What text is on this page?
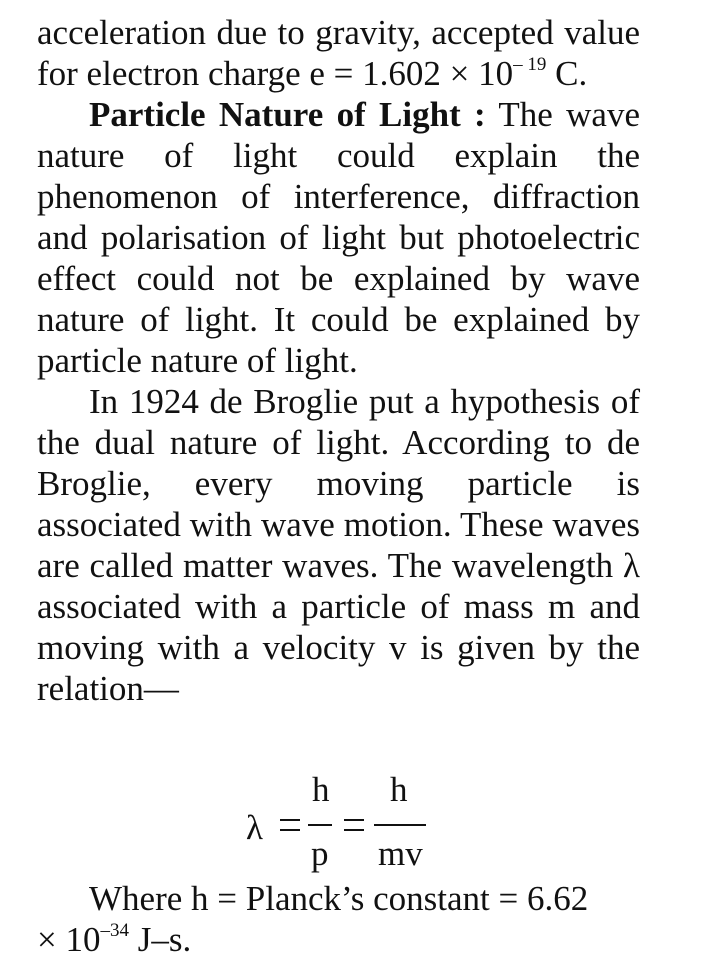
acceleration due to gravity, accepted value for electron charge $e = 1.602 \times 10^{- 19}$ C.

Particle Nature of Light : The wave nature of light could explain the phenomenon of interference, diffraction and polarisation of light but photoelectric effect could not be explained by wave nature of light. It could be explained by particle nature of light.

In 1924 de Broglie put a hypothesis of the dual nature of light. According to de Broglie, every moving particle is associated with wave motion. These waves are called matter waves. The wavelength λ associated with a particle of mass m and moving with a velocity v is given by the relation—

λ
h
p
h
mv

Where h = Planck’s constant = 6.62

× $10^{-34}$ J–s.
